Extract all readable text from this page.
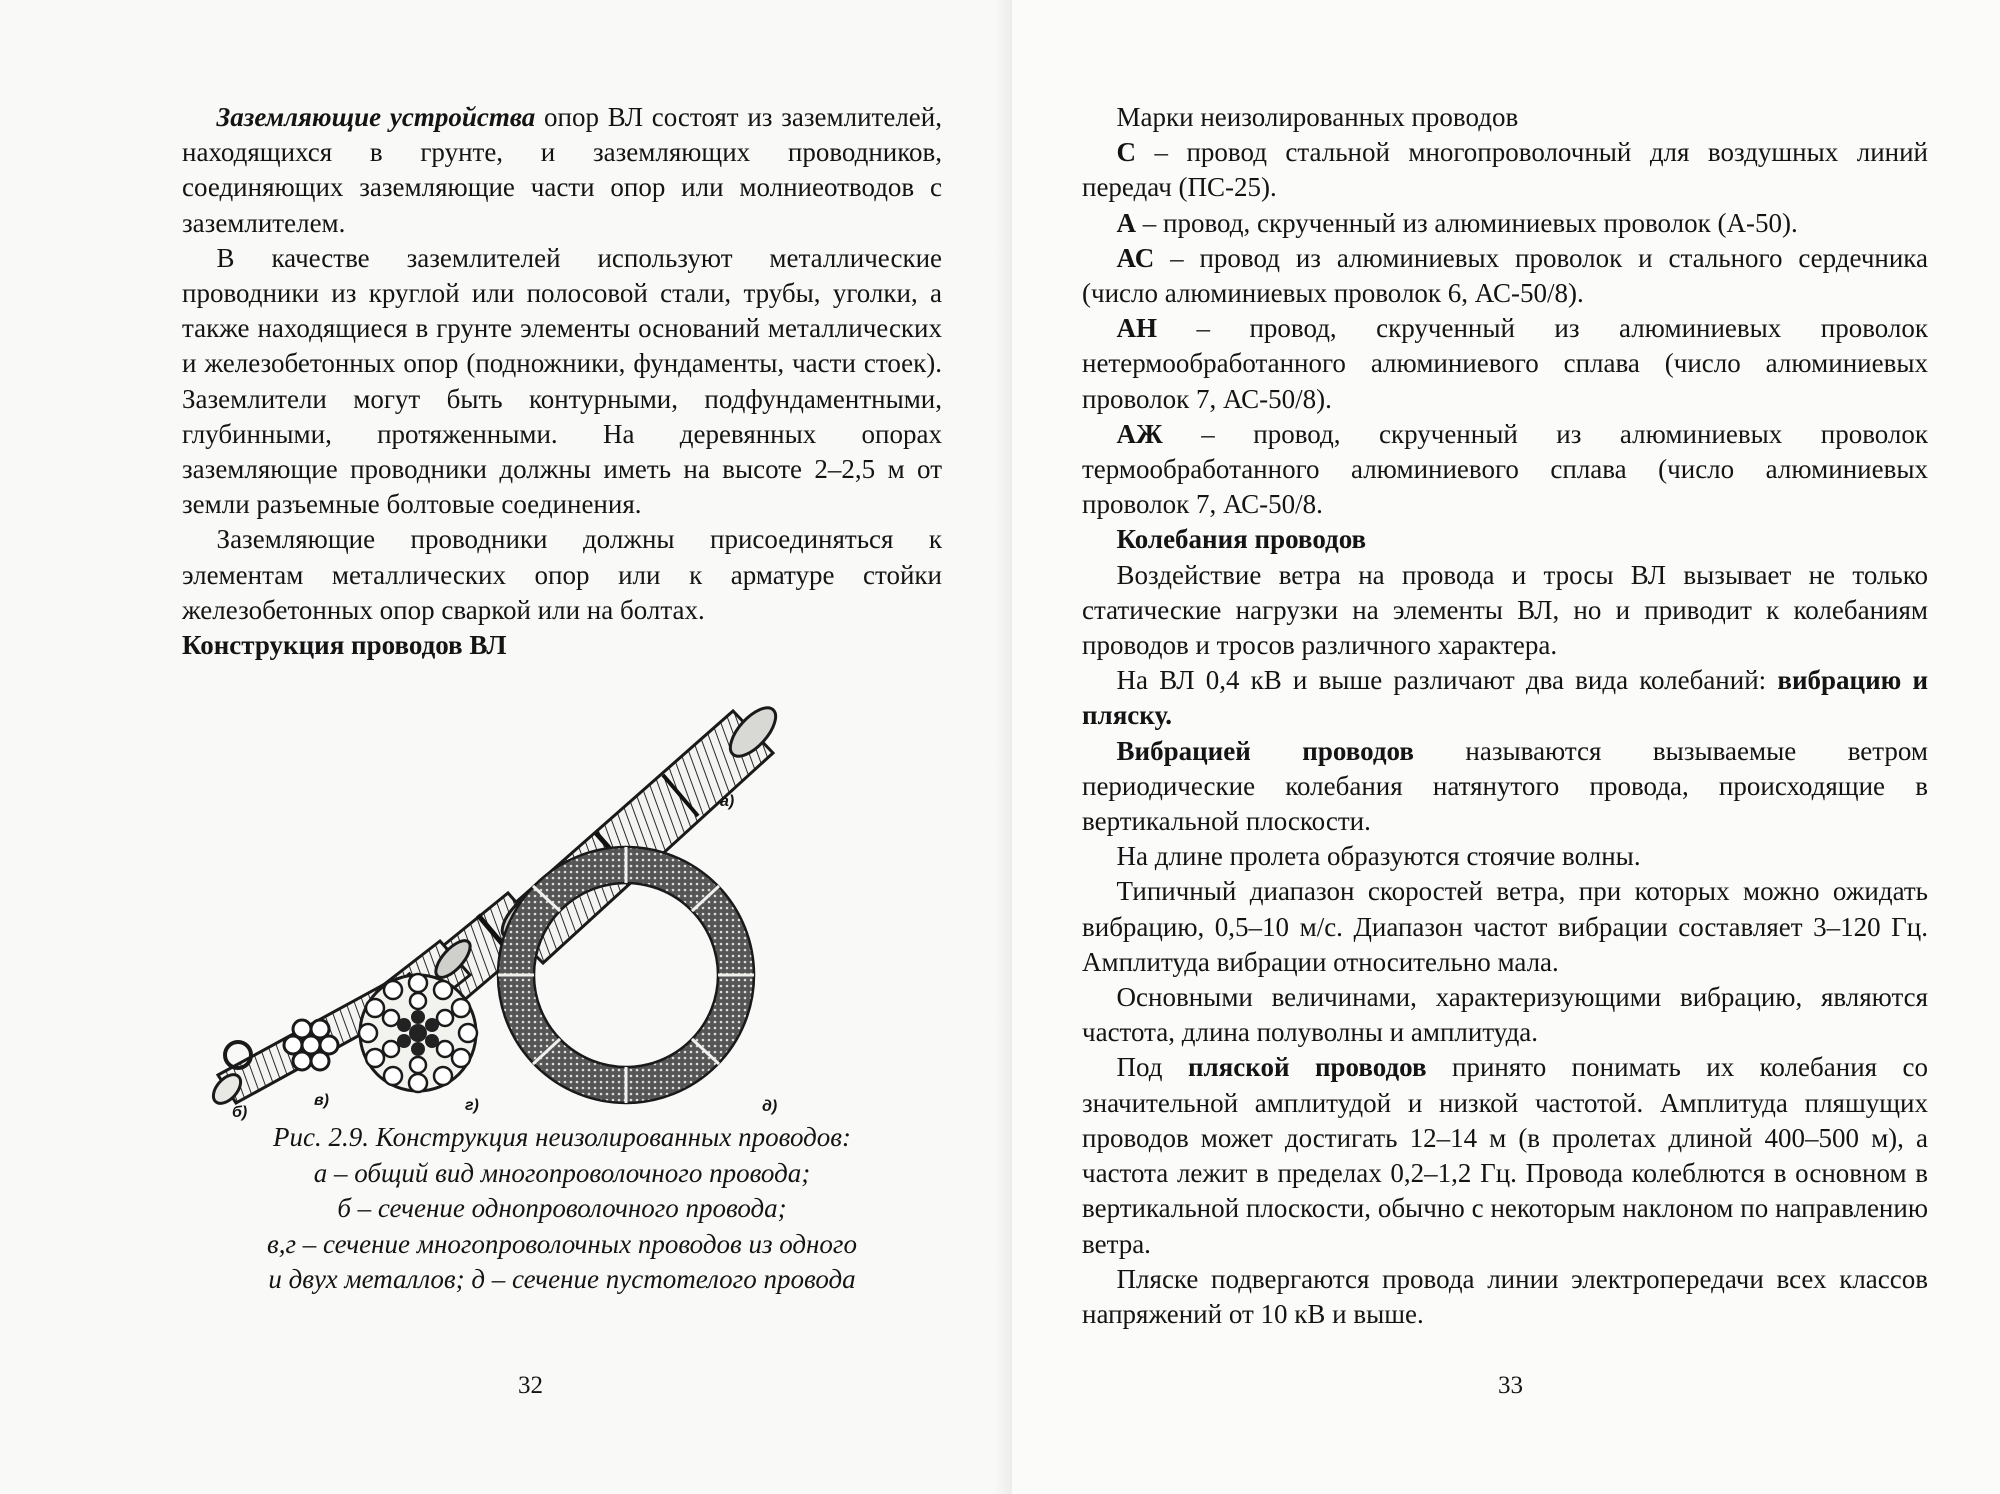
Заземляющие устройства опор ВЛ состоят из заземлителей, находящихся в грунте, и заземляющих проводников, соединяющих заземляющие части опор или молниеотводов с заземлителем.

В качестве заземлителей используют металлические проводники из круглой или полосовой стали, трубы, уголки, а также находящиеся в грунте элементы оснований металлических и железобетонных опор (подножники, фундаменты, части стоек). Заземлители могут быть контурными, подфундаментными, глубинными, протяженными. На деревянных опорах заземляющие проводники должны иметь на высоте 2–2,5 м от земли разъемные болтовые соединения.

Заземляющие проводники должны присоединяться к элементам металлических опор или к арматуре стойки железобетонных опор сваркой или на болтах.

Конструкция проводов ВЛ

а)
б)
в)	г)	д)
Рис. 2.9. Конструкция неизолированных проводов:
а – общий вид многопроволочного провода;
б – сечение однопроволочного провода;
в,г – сечение многопроволочных проводов из одного
и двух металлов; д – сечение пустотелого провода
32

Марки неизолированных проводов

С – провод стальной многопроволочный для воздушных линий передач (ПС-25).

А – провод, скрученный из алюминиевых проволок (А-50).

АС – провод из алюминиевых проволок и стального сердечника (число алюминиевых проволок 6, АС-50/8).

АН – провод, скрученный из алюминиевых проволок нетермообработанного алюминиевого сплава (число алюминиевых проволок 7, АС-50/8).

АЖ – провод, скрученный из алюминиевых проволок термообработанного алюминиевого сплава (число алюминиевых проволок 7, АС-50/8.

Колебания проводов

Воздействие ветра на провода и тросы ВЛ вызывает не только статические нагрузки на элементы ВЛ, но и приводит к колебаниям проводов и тросов различного характера.

На ВЛ 0,4 кВ и выше различают два вида колебаний: вибрацию и пляску.

Вибрацией проводов называются вызываемые ветром периодические колебания натянутого провода, происходящие в вертикальной плоскости.

На длине пролета образуются стоячие волны.

Типичный диапазон скоростей ветра, при которых можно ожидать вибрацию, 0,5–10 м/с. Диапазон частот вибрации составляет 3–120 Гц. Амплитуда вибрации относительно мала.

Основными величинами, характеризующими вибрацию, являются частота, длина полуволны и амплитуда.

Под пляской проводов принято понимать их колебания со значительной амплитудой и низкой частотой. Амплитуда пляшущих проводов может достигать 12–14 м (в пролетах длиной 400–500 м), а частота лежит в пределах 0,2–1,2 Гц. Провода колеблются в основном в вертикальной плоскости, обычно с некоторым наклоном по направлению ветра.

Пляске подвергаются провода линии электропередачи всех классов напряжений от 10 кВ и выше.

33
